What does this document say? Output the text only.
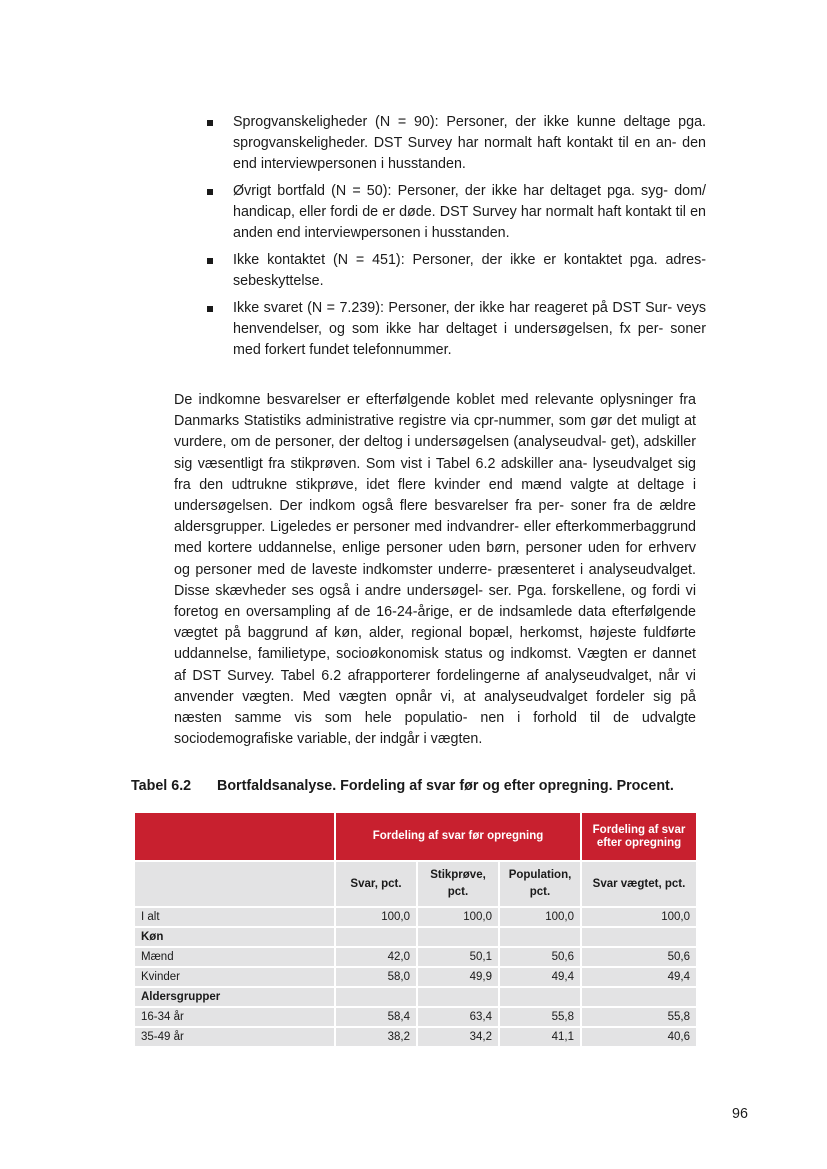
Sprogvanskeligheder (N = 90): Personer, der ikke kunne deltage pga. sprogvanskeligheder. DST Survey har normalt haft kontakt til en an- den end interviewpersonen i husstanden.
Øvrigt bortfald (N = 50): Personer, der ikke har deltaget pga. syg- dom/ handicap, eller fordi de er døde. DST Survey har normalt haft kontakt til en anden end interviewpersonen i husstanden.
Ikke kontaktet (N = 451): Personer, der ikke er kontaktet pga. adres- sebeskyttelse.
Ikke svaret (N = 7.239): Personer, der ikke har reageret på DST Sur- veys henvendelser, og som ikke har deltaget i undersøgelsen, fx per- soner med forkert fundet telefonnummer.

De indkomne besvarelser er efterfølgende koblet med relevante oplysninger fra Danmarks Statistiks administrative registre via cpr-nummer, som gør det muligt at vurdere, om de personer, der deltog i undersøgelsen (analyseudval- get), adskiller sig væsentligt fra stikprøven. Som vist i Tabel 6.2 adskiller ana- lyseudvalget sig fra den udtrukne stikprøve, idet flere kvinder end mænd valgte at deltage i undersøgelsen. Der indkom også flere besvarelser fra per- soner fra de ældre aldersgrupper. Ligeledes er personer med indvandrer- eller efterkommerbaggrund med kortere uddannelse, enlige personer uden børn, personer uden for erhverv og personer med de laveste indkomster underre- præsenteret i analyseudvalget. Disse skævheder ses også i andre undersøgel- ser. Pga. forskellene, og fordi vi foretog en oversampling af de 16-24-årige, er de indsamlede data efterfølgende vægtet på baggrund af køn, alder, regional bopæl, herkomst, højeste fuldførte uddannelse, familietype, socioøkonomisk status og indkomst. Vægten er dannet af DST Survey. Tabel 6.2 afrapporterer fordelingerne af analyseudvalget, når vi anvender vægten. Med vægten opnår vi, at analyseudvalget fordeler sig på næsten samme vis som hele populatio- nen i forhold til de udvalgte sociodemografiske variable, der indgår i vægten.

Tabel 6.2 Bortfaldsanalyse. Fordeling af svar før og efter opregning. Procent.
	Fordeling af svar før opregning			Fordeling af svar efter opregning
	Svar, pct.	Stikprøve, pct.	Population, pct.	Svar vægtet, pct.
I alt	100,0	100,0	100,0	100,0
Køn				
Mænd	42,0	50,1	50,6	50,6
Kvinder	58,0	49,9	49,4	49,4
Aldersgrupper				
16-34 år	58,4	63,4	55,8	55,8
35-49 år	38,2	34,2	41,1	40,6
96
